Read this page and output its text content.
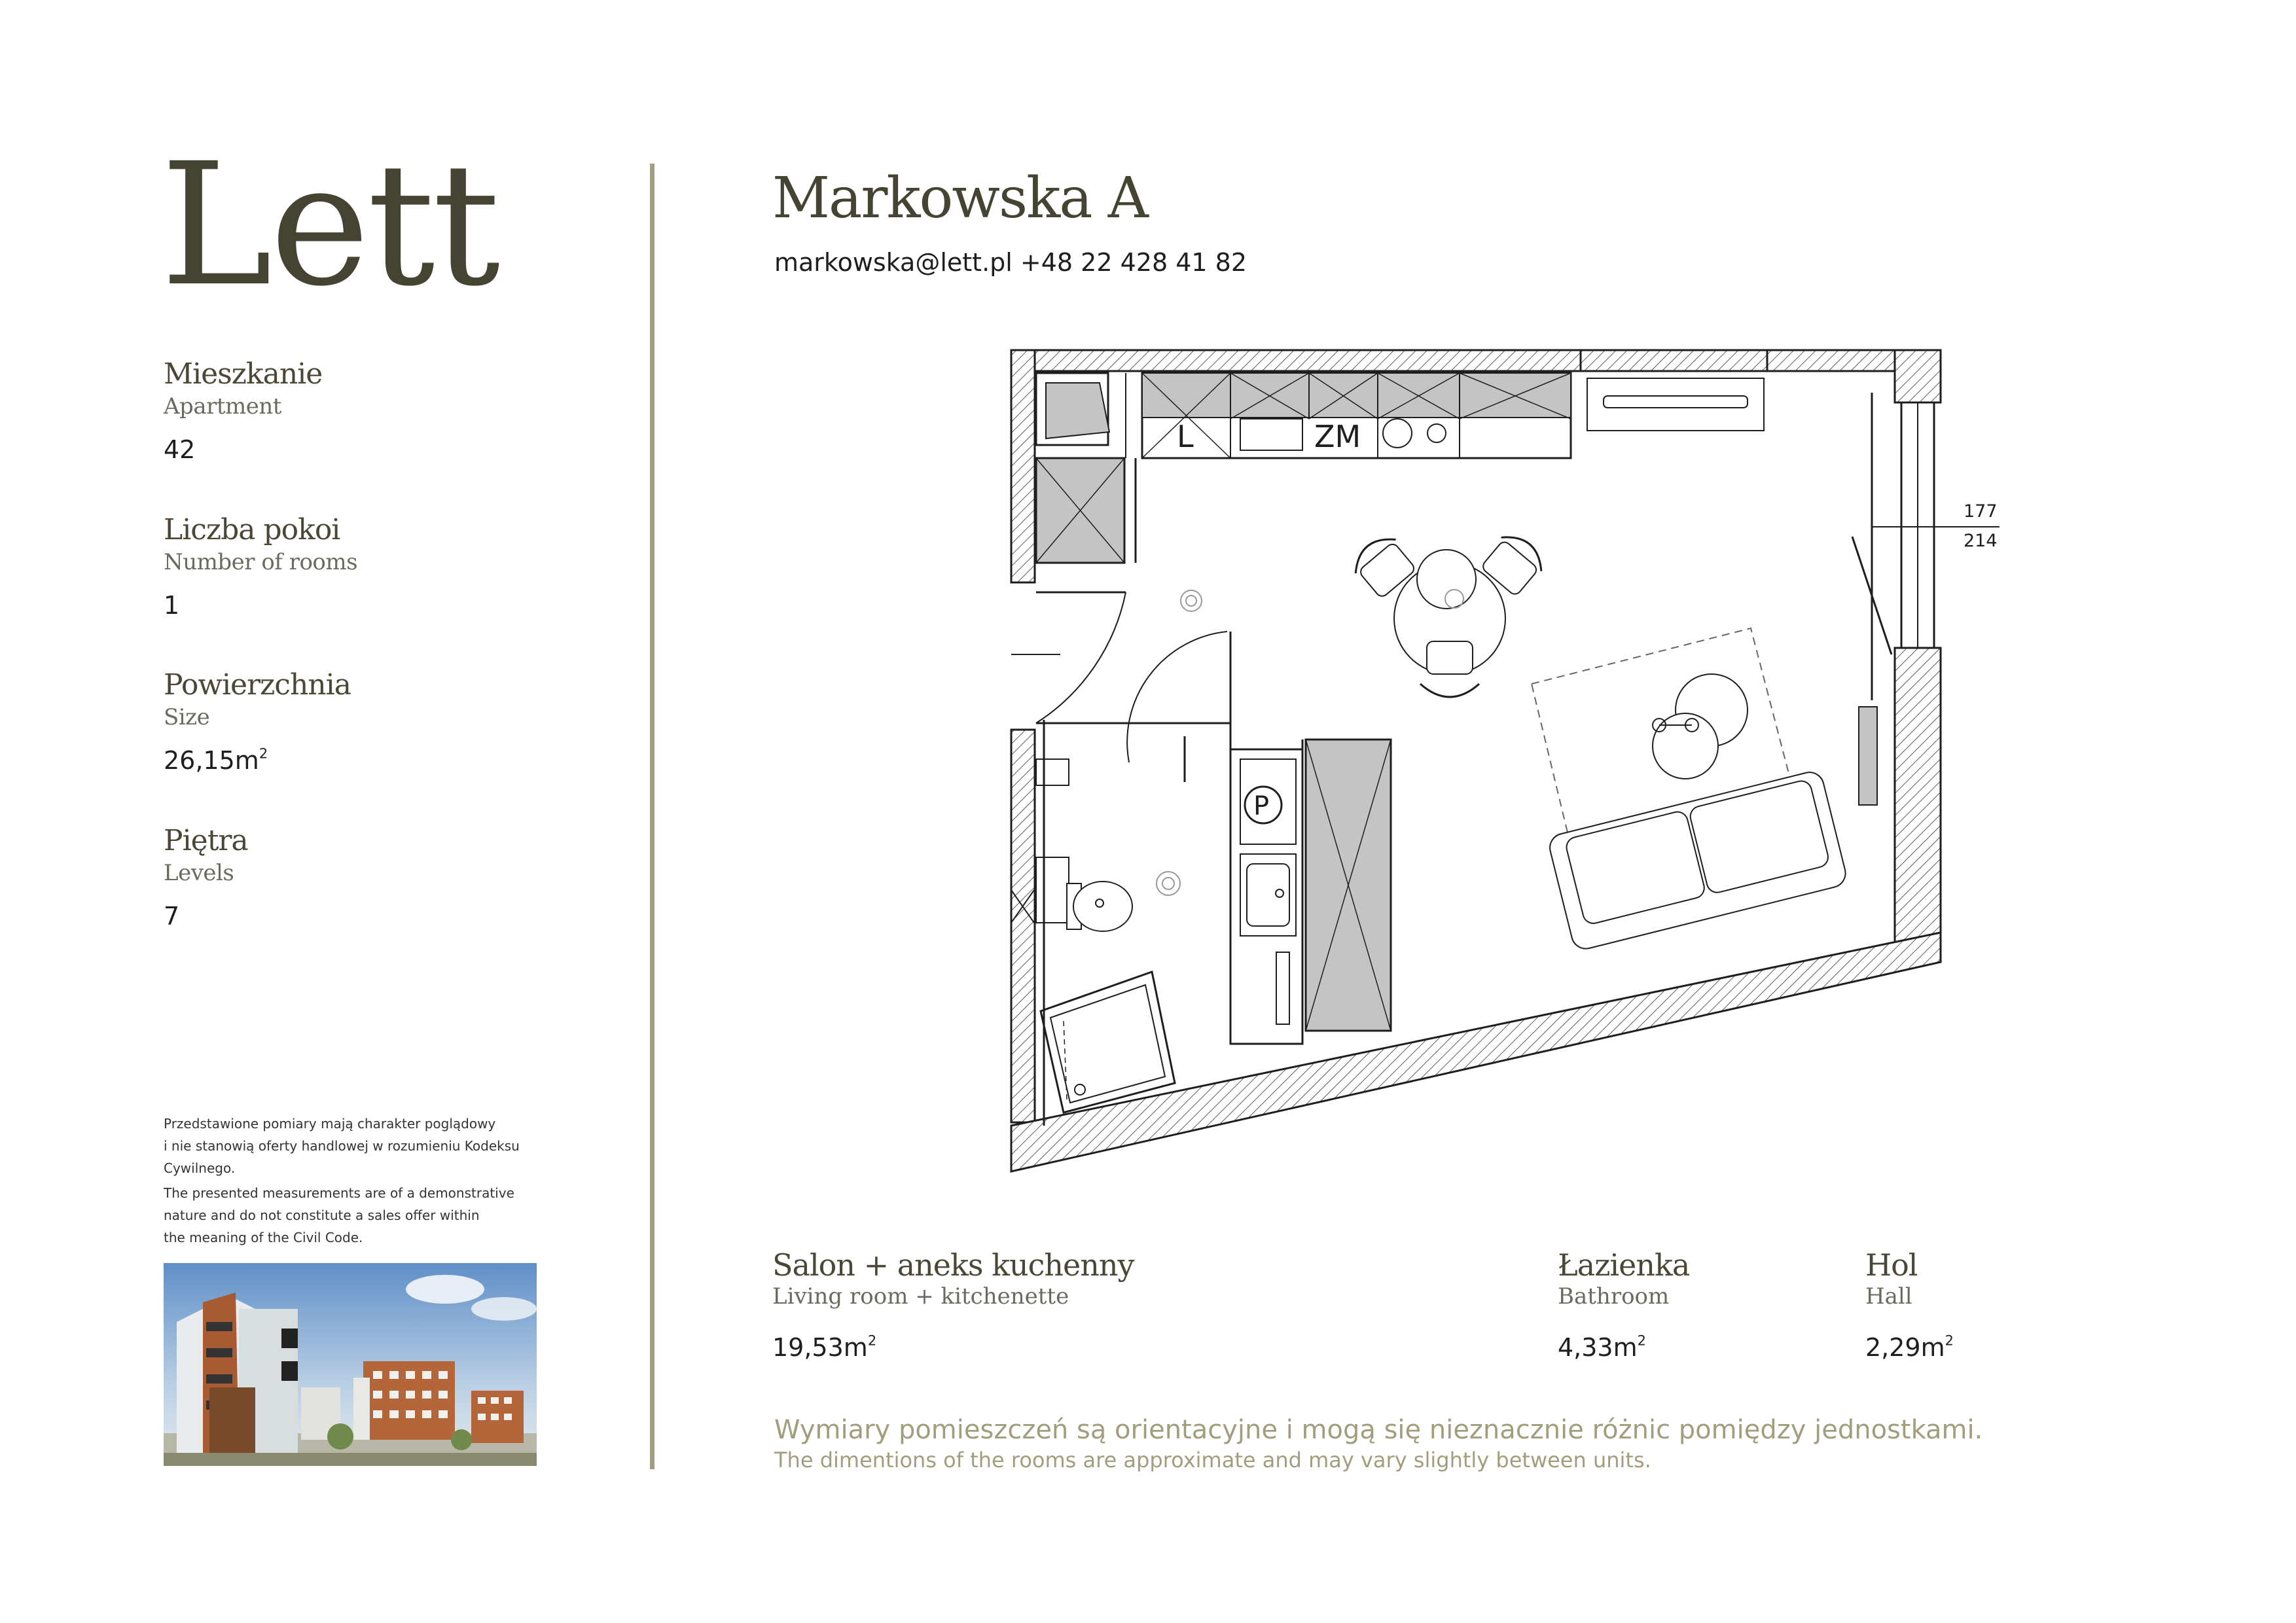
Lett
Mieszkanie
Apartment
42
Liczba pokoi
Number of rooms
1
Powierzchnia
Size
$26,15m^2$
Piętra
Levels
7
Przedstawione pomiary mają charakter poglądowy
i nie stanowią oferty handlowej w rozumieniu Kodeksu
Cywilnego.
The presented measurements are of a demonstrative
nature and do not constitute a sales offer within
the meaning of the Civil Code.
Markowska A
markowska@lett.pl +48 22 428 41 82
177
214
L	ZM
P
Salon + aneks kuchenny
Living room + kitchenette
$19,53m^2$
Łazienka
Bathroom
$4,33m^2$
Hol
Hall
$2,29m^2$
Wymiary pomieszczeń są orientacyjne i mogą się nieznacznie różnic pomiędzy jednostkami.
The dimentions of the rooms are approximate and may vary slightly between units.
